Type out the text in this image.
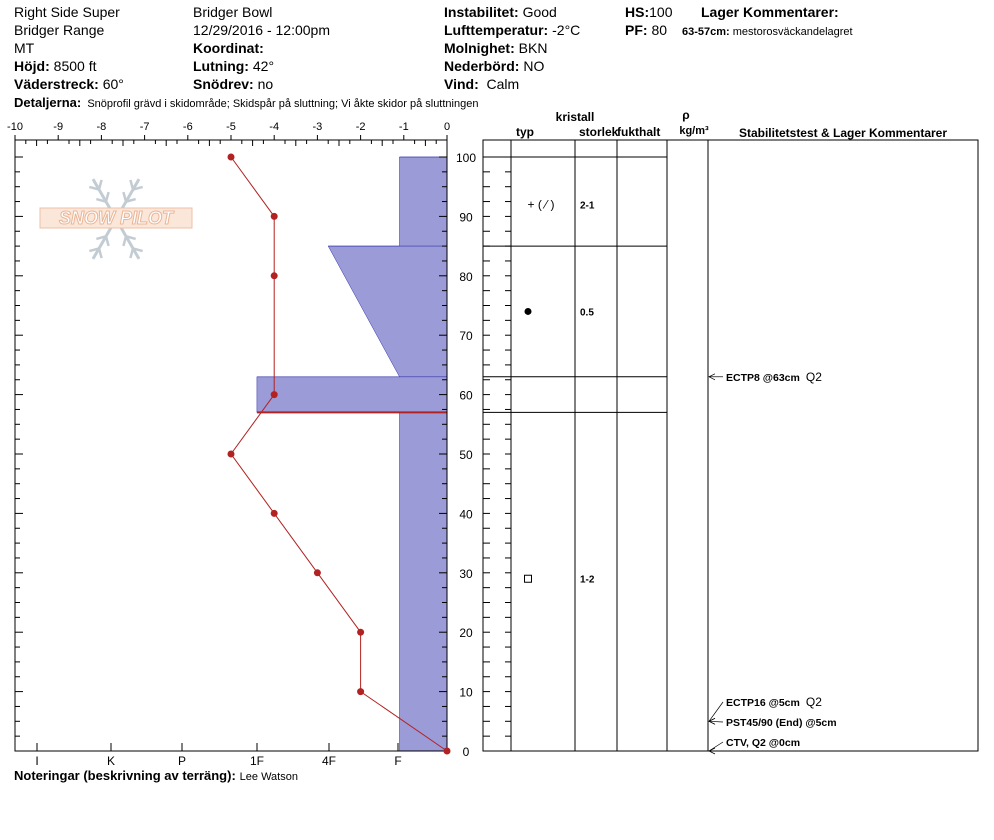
Right Side Super
Bridger Range
MT
Höjd: 8500 ft
Väderstreck: 60°
Bridger Bowl
12/29/2016 - 12:00pm
Koordinat:
Lutning: 42°
Snödrev: no
Instabilitet: Good
Lufttemperatur: -2°C
Molnighet: BKN
Nederbörd: NO
Vind: Calm
HS:100
PF: 80
Lager Kommentarer:
63-57cm: mestorosväckandelagret
Detaljerna: Snöprofil grävd i skidområde; Skidspår på sluttning; Vi åkte skidor på sluttningen
SNOW PILOT
-10	-9	-8	-7	-6	-5	-4	-3	-2	-1	0
0
10
20
30
40
50
60
70
80
90
100
I	K	P	1F	4F	F
kristall
typ	storlek
fukthalt
ρ
kg/m³	Stabilitetstest & Lager Kommentarer
+ ( ⁄ )	2-1
0.5
1-2
ECTP8 @63cm Q2
ECTP16 @5cm Q2
PST45/90 (End) @5cm
CTV, Q2 @0cm
Noteringar (beskrivning av terräng): Lee Watson
